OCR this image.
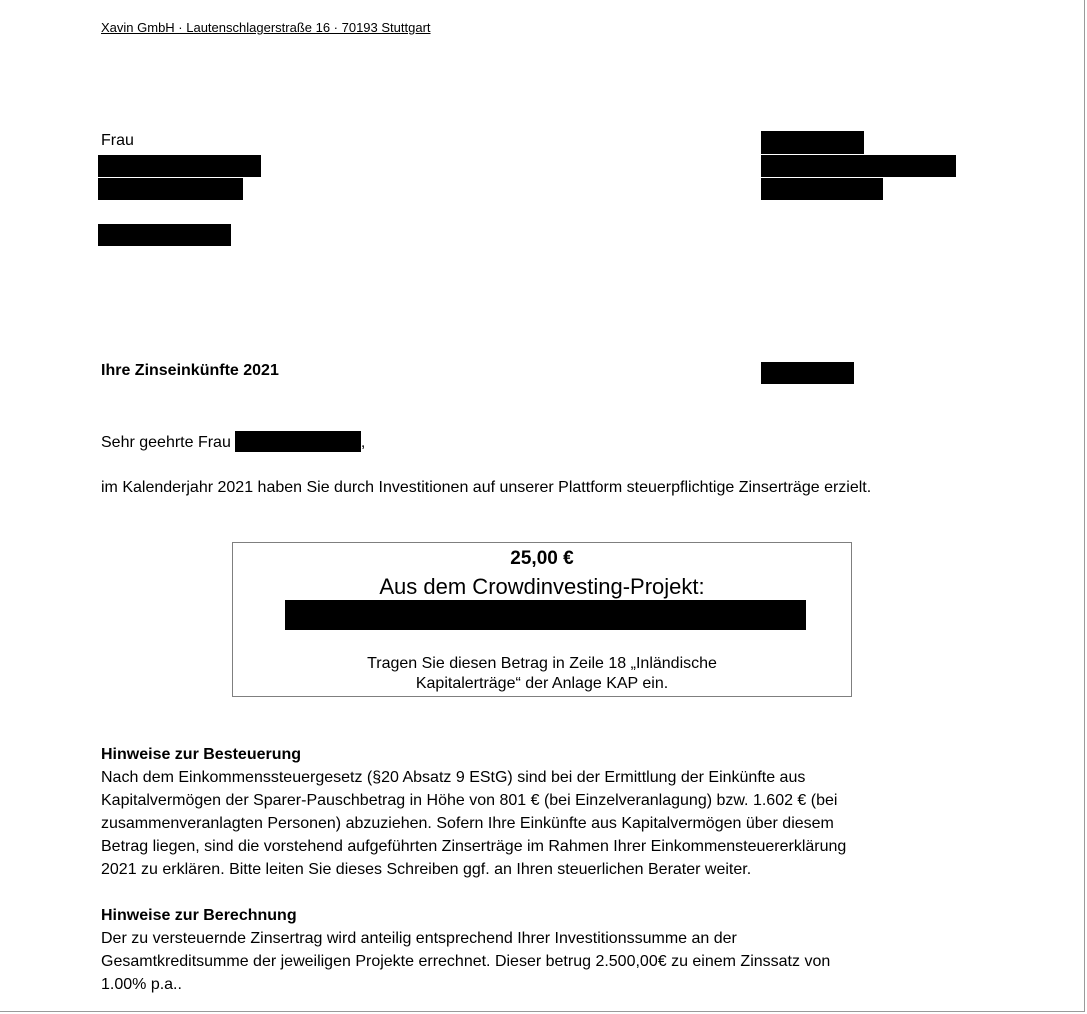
Xavin GmbH · Lautenschlagerstraße 16 · 70193 Stuttgart
Frau
Ihre Zinseinkünfte 2021
Sehr geehrte Frau	,
im Kalenderjahr 2021 haben Sie durch Investitionen auf unserer Plattform steuerpflichtige Zinserträge erzielt.
25,00 €
Aus dem Crowdinvesting-Projekt:
Tragen Sie diesen Betrag in Zeile 18 „Inländische
Kapitalerträge“ der Anlage KAP ein.
Hinweise zur Besteuerung
Nach dem Einkommenssteuergesetz (§20 Absatz 9 EStG) sind bei der Ermittlung der Einkünfte aus
Kapitalvermögen der Sparer-Pauschbetrag in Höhe von 801 € (bei Einzelveranlagung) bzw. 1.602 € (bei
zusammenveranlagten Personen) abzuziehen. Sofern Ihre Einkünfte aus Kapitalvermögen über diesem
Betrag liegen, sind die vorstehend aufgeführten Zinserträge im Rahmen Ihrer Einkommensteuererklärung
2021 zu erklären. Bitte leiten Sie dieses Schreiben ggf. an Ihren steuerlichen Berater weiter.
Hinweise zur Berechnung
Der zu versteuernde Zinsertrag wird anteilig entsprechend Ihrer Investitionssumme an der
Gesamtkreditsumme der jeweiligen Projekte errechnet. Dieser betrug 2.500,00€ zu einem Zinssatz von
1.00% p.a..
